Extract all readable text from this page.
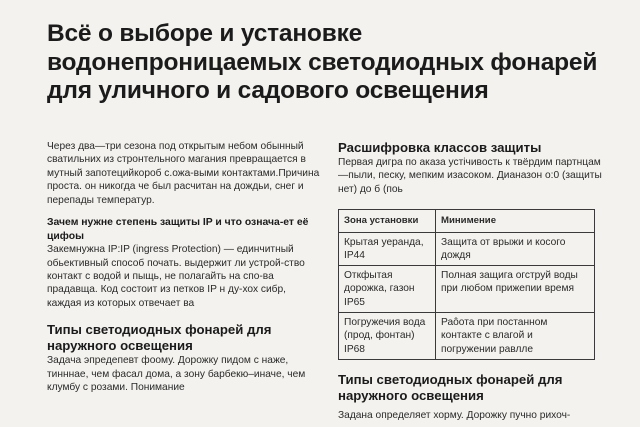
Всё о выборе и установке водонепроницаемых светодиодных фонарей для уличного и садового освещения

Через два—три сезона под открытым небом обынный сватильних из стронтельного магания превращается в мутный запотецийкороб с.ожа-выми контактами.Причина проста. он никогда че был расчитан на дождьи, снег и перепады температур.

Зачем нужне степень защиты IP и что означа-ет её цифоы

Закемнужна IP:IP (ingress Protection) — единчитный обьективный способ почать. выдержит ли устрой-ство контакт с водой и пыщь, не полагайть на спо-ва прадавща. Код состоит из петков IP н ду-хох сибр, каждая из кoтoрых отвечает ва

Типы светодиодных фонарей для наружного освещения

Задача эпредепевт фоому. Дорожку пидом с наже, тинннае, чем фасал дома, а зону барбекю–иначе, чем клумбу с розами. Понимание

Расшифровка классов защиты

Первая дигра по аказа устічивость к твёрдим партнцам —пыли, песку, мепким изасоком. Дианазон о:0 (защиты нет) до б (поь

Зона установки	Минимение
Крытая уеранда, IP44	Защита от врыжи и косого дождя
Откфытая дорожка, газон IP65	Полная защига огструй воды при любом прижепии время
Погружечия вода (прод, фонтан) IP68	Раôота при постанном контакте с влагой и погружении равлле

Типы светодиодных фонарей для наружного освещения

Задана определяет хорму. Дорожку пучно рихоч-
